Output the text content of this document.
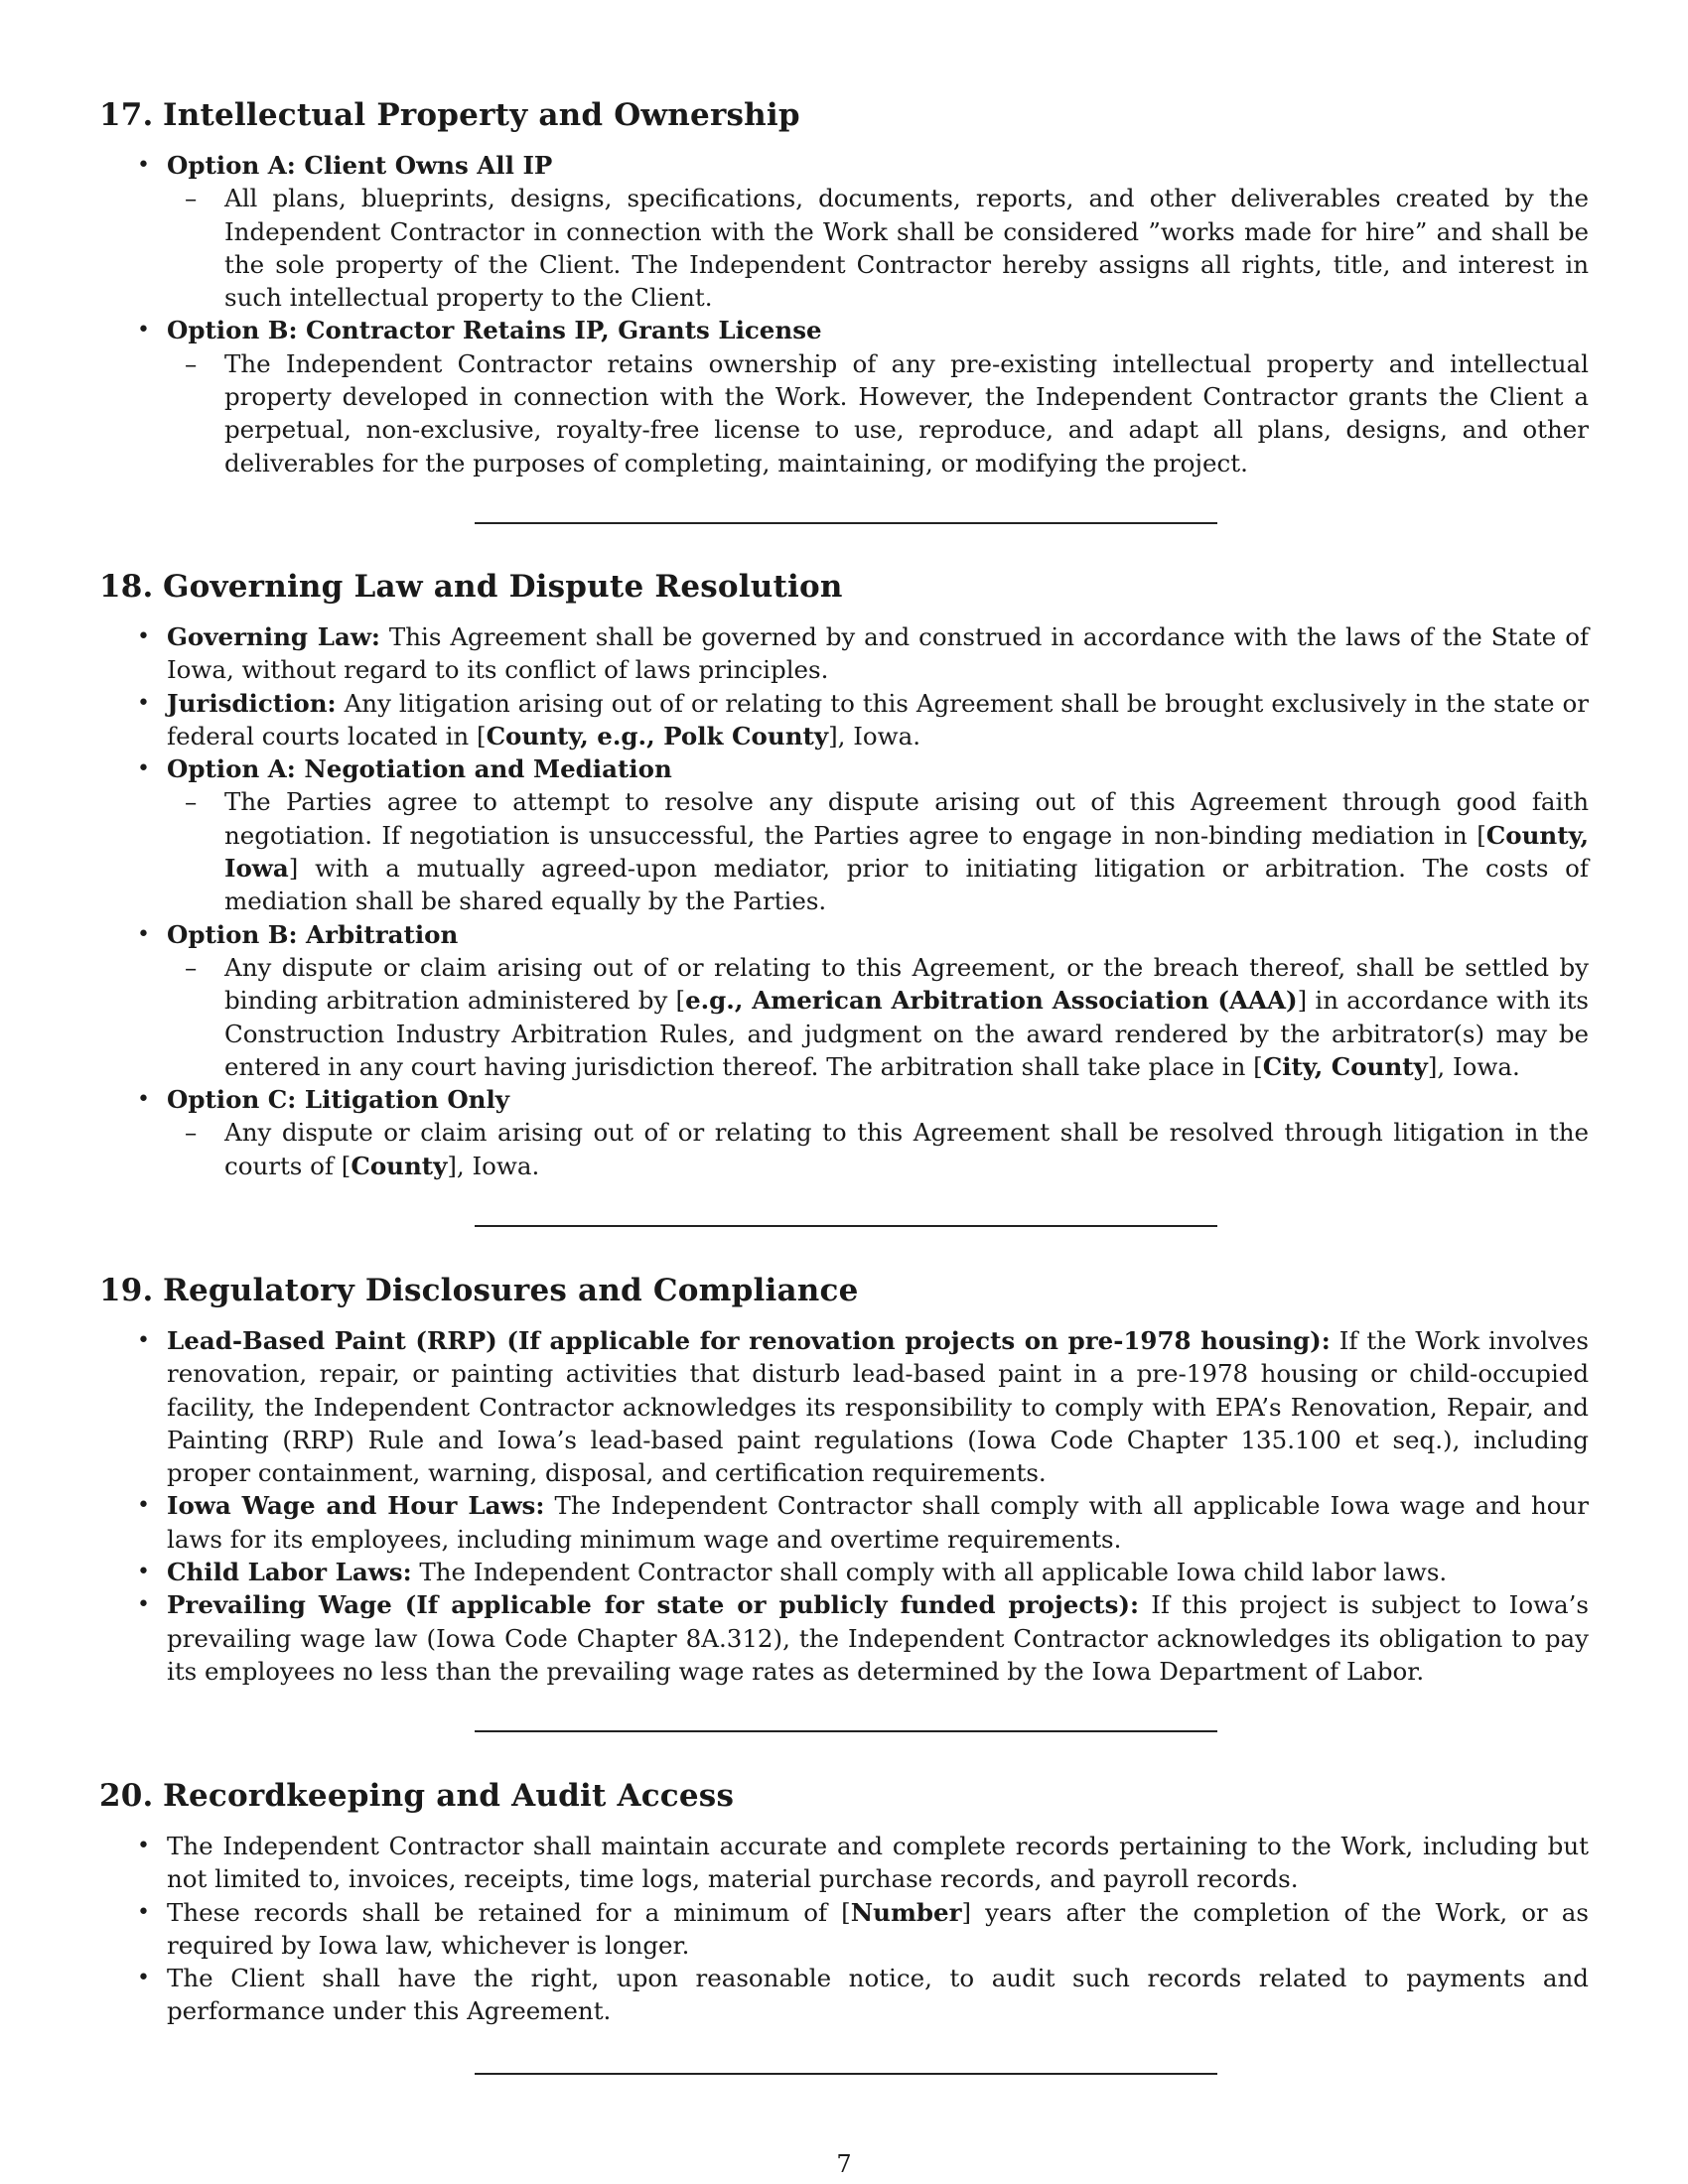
17. Intellectual Property and Ownership
• Option A: Client Owns All IP
– All plans, blueprints, designs, specifications, documents, reports, and other deliverables created by the Independent Contractor in connection with the Work shall be considered ”works made for hire” and shall be the sole property of the Client. The Independent Contractor hereby assigns all rights, title, and interest in such intellectual property to the Client.
• Option B: Contractor Retains IP, Grants License
– The Independent Contractor retains ownership of any pre-existing intellectual property and intellectual property developed in connection with the Work. However, the Independent Contractor grants the Client a perpetual, non-exclusive, royalty-free license to use, reproduce, and adapt all plans, designs, and other deliverables for the purposes of completing, maintaining, or modifying the project.
18. Governing Law and Dispute Resolution
• Governing Law: This Agreement shall be governed by and construed in accordance with the laws of the State of Iowa, without regard to its conflict of laws principles.
• Jurisdiction: Any litigation arising out of or relating to this Agreement shall be brought exclusively in the state or federal courts located in [County, e.g., Polk County], Iowa.
• Option A: Negotiation and Mediation
– The Parties agree to attempt to resolve any dispute arising out of this Agreement through good faith negotiation. If negotiation is unsuccessful, the Parties agree to engage in non-binding mediation in [County, Iowa] with a mutually agreed-upon mediator, prior to initiating litigation or arbitration. The costs of mediation shall be shared equally by the Parties.
• Option B: Arbitration
– Any dispute or claim arising out of or relating to this Agreement, or the breach thereof, shall be settled by binding arbitration administered by [e.g., American Arbitration Association (AAA)] in accordance with its Construction Industry Arbitration Rules, and judgment on the award rendered by the arbitrator(s) may be entered in any court having jurisdiction thereof. The arbitration shall take place in [City, County], Iowa.
• Option C: Litigation Only
– Any dispute or claim arising out of or relating to this Agreement shall be resolved through litigation in the courts of [County], Iowa.
19. Regulatory Disclosures and Compliance
• Lead-Based Paint (RRP) (If applicable for renovation projects on pre-1978 housing): If the Work involves renovation, repair, or painting activities that disturb lead-based paint in a pre-1978 housing or child-occupied facility, the Independent Contractor acknowledges its responsibility to comply with EPA’s Renovation, Repair, and Painting (RRP) Rule and Iowa’s lead-based paint regulations (Iowa Code Chapter 135.100 et seq.), including proper containment, warning, disposal, and certification requirements.
• Iowa Wage and Hour Laws: The Independent Contractor shall comply with all applicable Iowa wage and hour laws for its employees, including minimum wage and overtime requirements.
• Child Labor Laws: The Independent Contractor shall comply with all applicable Iowa child labor laws.
• Prevailing Wage (If applicable for state or publicly funded projects): If this project is subject to Iowa’s prevailing wage law (Iowa Code Chapter 8A.312), the Independent Contractor acknowledges its obligation to pay its employees no less than the prevailing wage rates as determined by the Iowa Department of Labor.
20. Recordkeeping and Audit Access
• The Independent Contractor shall maintain accurate and complete records pertaining to the Work, including but not limited to, invoices, receipts, time logs, material purchase records, and payroll records.
• These records shall be retained for a minimum of [Number] years after the completion of the Work, or as required by Iowa law, whichever is longer.
• The Client shall have the right, upon reasonable notice, to audit such records related to payments and performance under this Agreement.
7
